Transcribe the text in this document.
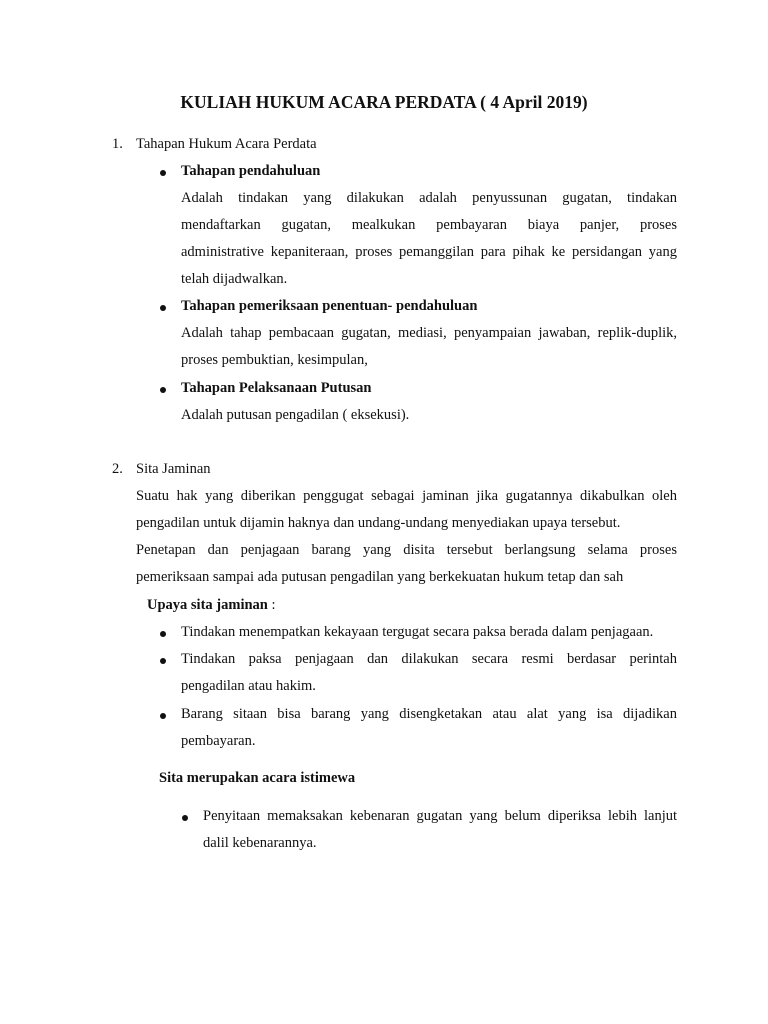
KULIAH HUKUM ACARA PERDATA ( 4 April 2019)
1. Tahapan Hukum Acara Perdata
Tahapan pendahuluan
Adalah tindakan yang dilakukan adalah penyussunan gugatan, tindakan
mendaftarkan gugatan, mealkukan pembayaran biaya panjer, proses
administrative kepaniteraan, proses pemanggilan para pihak ke persidangan yang
telah dijadwalkan.
Tahapan pemeriksaan penentuan- pendahuluan
Adalah tahap pembacaan gugatan, mediasi, penyampaian jawaban, replik-duplik,
proses pembuktian, kesimpulan,
Tahapan Pelaksanaan Putusan
Adalah putusan pengadilan ( eksekusi).
2. Sita Jaminan
Suatu hak yang diberikan penggugat sebagai jaminan jika gugatannya dikabulkan oleh
pengadilan untuk dijamin haknya dan undang-undang menyediakan upaya tersebut.
Penetapan dan penjagaan barang yang disita tersebut berlangsung selama proses
pemeriksaan sampai ada putusan pengadilan yang berkekuatan hukum tetap dan sah
Upaya sita jaminan :
Tindakan menempatkan kekayaan tergugat secara paksa berada dalam penjagaan.
Tindakan paksa penjagaan dan dilakukan secara resmi berdasar perintah
pengadilan atau hakim.
Barang sitaan bisa barang yang disengketakan atau alat yang isa dijadikan
pembayaran.
Sita merupakan acara istimewa
Penyitaan memaksakan kebenaran gugatan yang belum diperiksa lebih lanjut
dalil kebenarannya.
